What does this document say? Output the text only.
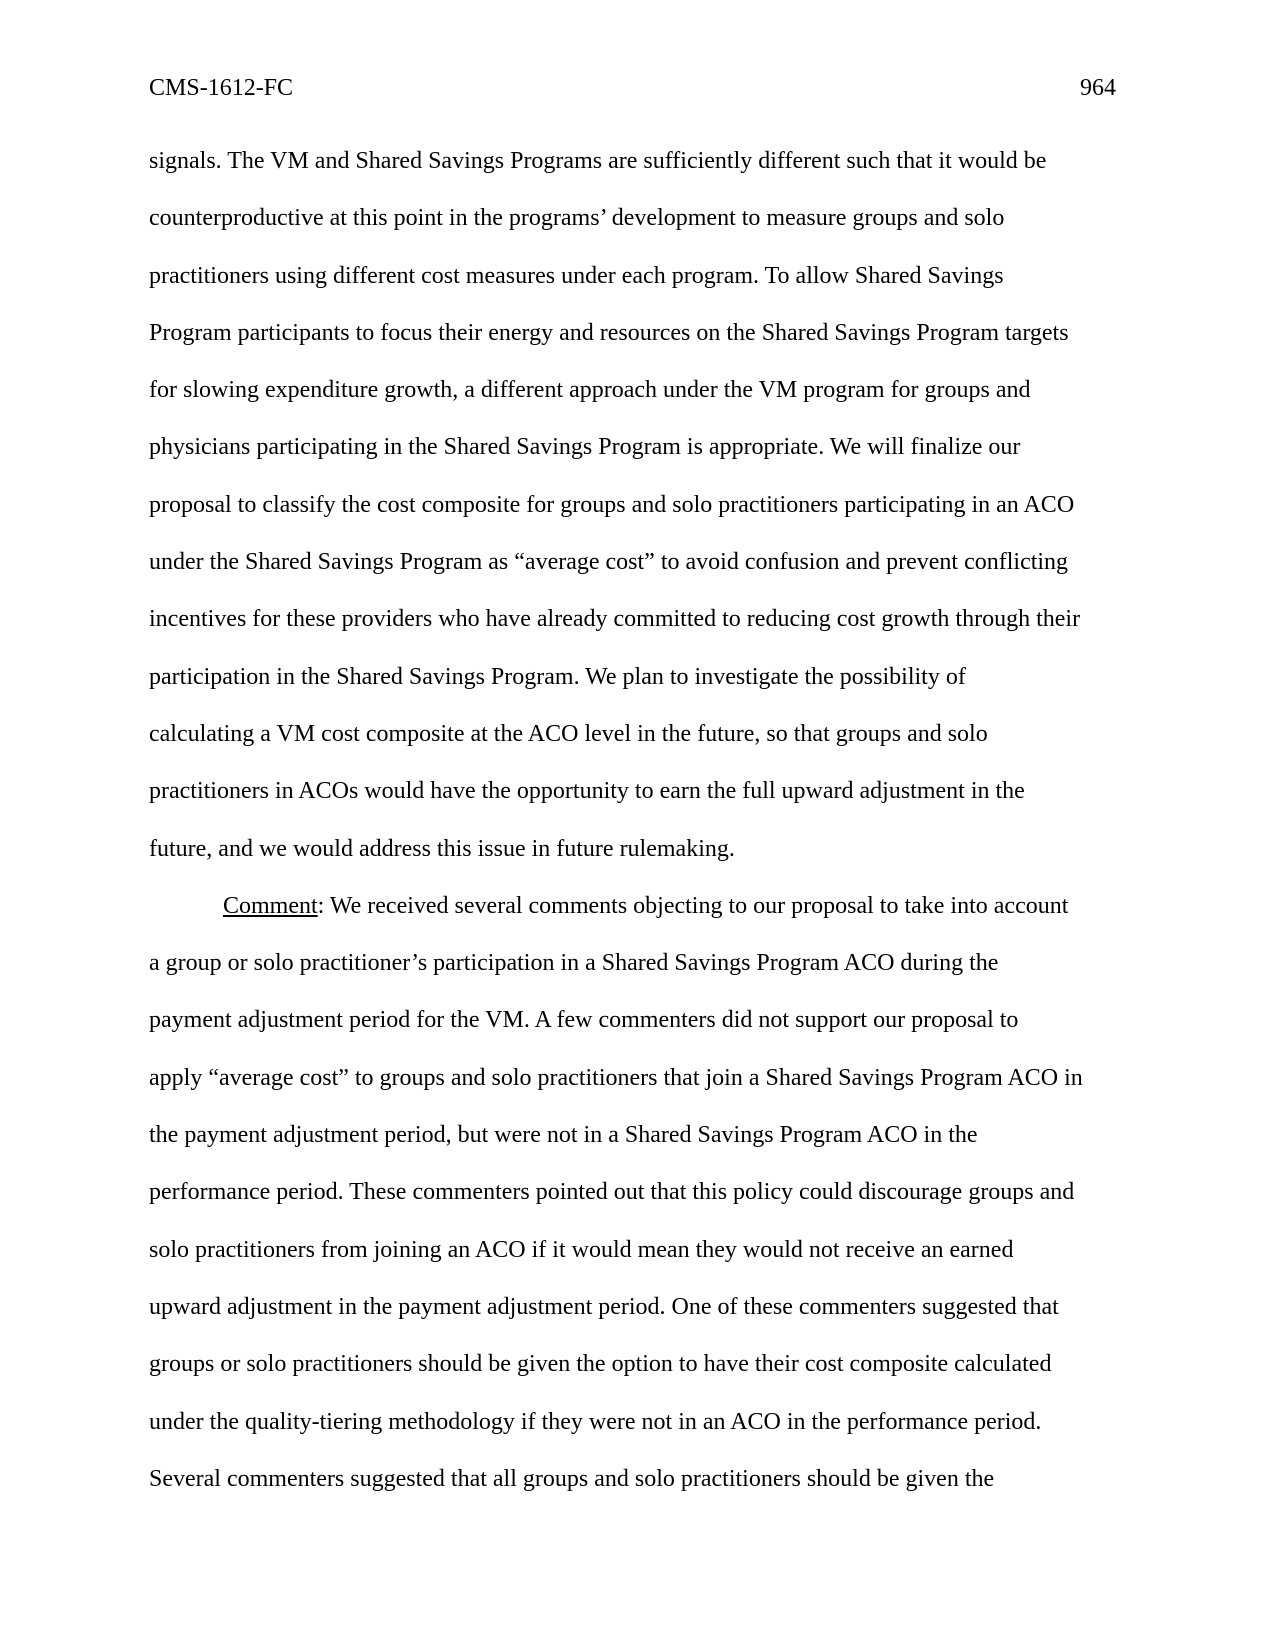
CMS-1612-FC	964
signals. The VM and Shared Savings Programs are sufficiently different such that it would be
counterproductive at this point in the programs’ development to measure groups and solo
practitioners using different cost measures under each program. To allow Shared Savings
Program participants to focus their energy and resources on the Shared Savings Program targets
for slowing expenditure growth, a different approach under the VM program for groups and
physicians participating in the Shared Savings Program is appropriate. We will finalize our
proposal to classify the cost composite for groups and solo practitioners participating in an ACO
under the Shared Savings Program as “average cost” to avoid confusion and prevent conflicting
incentives for these providers who have already committed to reducing cost growth through their
participation in the Shared Savings Program. We plan to investigate the possibility of
calculating a VM cost composite at the ACO level in the future, so that groups and solo
practitioners in ACOs would have the opportunity to earn the full upward adjustment in the
future, and we would address this issue in future rulemaking.
Comment: We received several comments objecting to our proposal to take into account
a group or solo practitioner’s participation in a Shared Savings Program ACO during the
payment adjustment period for the VM. A few commenters did not support our proposal to
apply “average cost” to groups and solo practitioners that join a Shared Savings Program ACO in
the payment adjustment period, but were not in a Shared Savings Program ACO in the
performance period. These commenters pointed out that this policy could discourage groups and
solo practitioners from joining an ACO if it would mean they would not receive an earned
upward adjustment in the payment adjustment period. One of these commenters suggested that
groups or solo practitioners should be given the option to have their cost composite calculated
under the quality-tiering methodology if they were not in an ACO in the performance period.
Several commenters suggested that all groups and solo practitioners should be given the
